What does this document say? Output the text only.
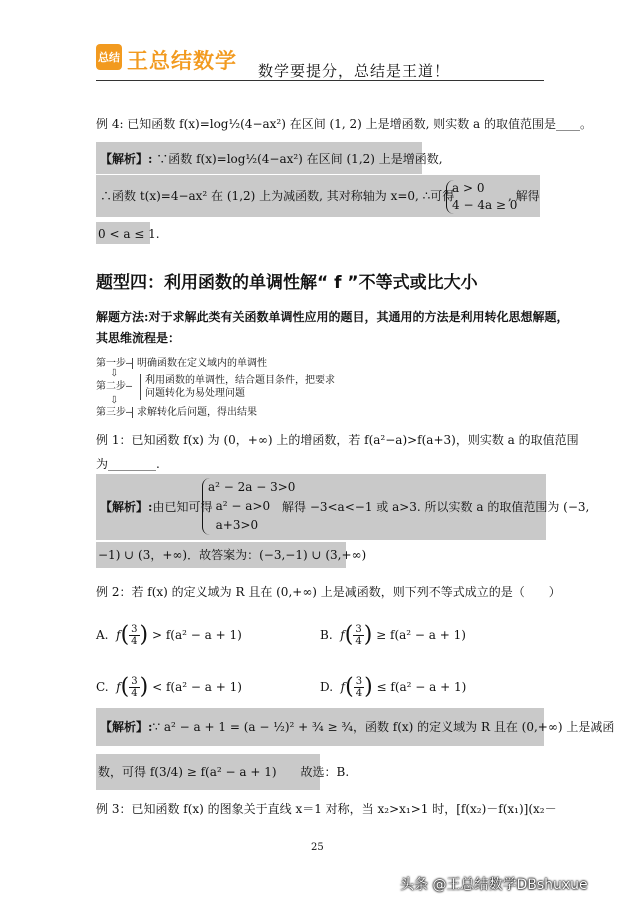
总结 王总结数学 数学要提分，总结是王道！
例 4: 已知函数 f(x)=log½(4−ax²) 在区间 (1, 2) 上是增函数, 则实数 a 的取值范围是____。
【解析】: ∵函数 f(x)=log½(4−ax²) 在区间 (1,2) 上是增函数,
∴函数 t(x)=4−ax² 在 (1,2) 上为减函数, 其对称轴为 x=0, ∴可得
a > 0
4 − 4a ≥ 0
, 解得
0 < a ≤ 1.
题型四：利用函数的单调性解“ f ”不等式或比大小
解题方法:对于求解此类有关函数单调性应用的题目，其通用的方法是利用转化思想解题，
其思维流程是：
第一步— 明确函数在定义域内的单调性
⇩
第二步—
利用函数的单调性，结合题目条件，把要求
问题转化为易处理问题
⇩
第三步— 求解转化后问题，得出结果
例 1：已知函数 f(x) 为 (0，+∞) 上的增函数，若 f(a²−a)>f(a+3)，则实数 a 的取值范围
为________.
【解析】:由已知可得
a² − 2a − 3>0
a² − a>0
a+3>0
解得 −3<a<−1 或 a>3. 所以实数 a 的取值范围为 (−3,
−1) ∪ (3，+∞)．故答案为：(−3,−1) ∪ (3,+∞)
例 2：若 f(x) 的定义域为 R 且在 (0,+∞) 上是减函数，则下列不等式成立的是（　　）
A. $f( \frac{3}{4}) > f(a^2 - a + 1)$	B. $f( \frac{3}{4}) \ge f(a^2 - a + 1)$
C. $f( \frac{3}{4}) < f(a^2 - a + 1)$	D. $f( \frac{3}{4}) \le f(a^2 - a + 1)$
【解析】:∵ a² − a + 1 = (a − ½)² + ¾ ≥ ¾，函数 f(x) 的定义域为 R 且在 (0,+∞) 上是减函
数，可得 f(3/4) ≥ f(a² − a + 1)　　故选：B.
例 3：已知函数 f(x) 的图象关于直线 x＝1 对称，当 x₂>x₁>1 时，[f(x₂)－f(x₁)](x₂－
25
头条 @王总结数学DBshuxue
